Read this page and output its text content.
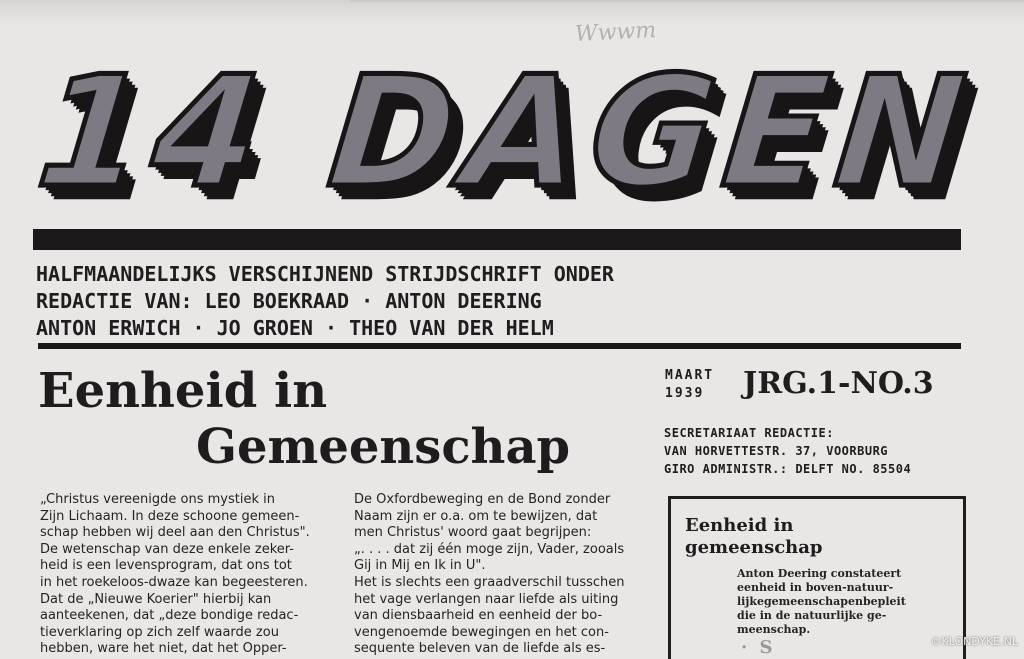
Wwwm
14 DAGEN
HALFMAANDELIJKS VERSCHIJNEND STRIJDSCHRIFT ONDER
REDACTIE VAN: LEO BOEKRAAD · ANTON DEERING
ANTON ERWICH · JO GROEN · THEO VAN DER HELM
Eenheid in
Gemeenschap
MAART
1939 JRG.1-NO.3
SECRETARIAAT REDACTIE:
VAN HORVETTESTR. 37, VOORBURG
GIRO ADMINISTR.: DELFT NO. 85504

„Christus vereenigde ons mystiek in

Zijn Lichaam. In deze schoone gemeen-

schap hebben wij deel aan den Christus".

De wetenschap van deze enkele zeker-

heid is een levensprogram, dat ons tot

in het roekeloos-dwaze kan begeesteren.

Dat de „Nieuwe Koerier" hierbij kan

aanteekenen, dat „deze bondige redac-

tieverklaring op zich zelf waarde zou

hebben, ware het niet, dat het Opper-

De Oxfordbeweging en de Bond zonder

Naam zijn er o.a. om te bewijzen, dat

men Christus' woord gaat begrijpen:

„. . . . dat zij één moge zijn, Vader, zooals

Gij in Mij en Ik in U".

Het is slechts een graadverschil tusschen

het vage verlangen naar liefde als uiting

van diensbaarheid en eenheid der bo-

vengenoemde bewegingen en het con-

sequente beleven van de liefde als es-

Eenheid in
gemeenschap
Anton Deering constateert
eenheid in boven-natuur-
lijkegemeenschapenbepleit
die in de natuurlijke ge-
meenschap.
· S	©KLONDYKE.NL
